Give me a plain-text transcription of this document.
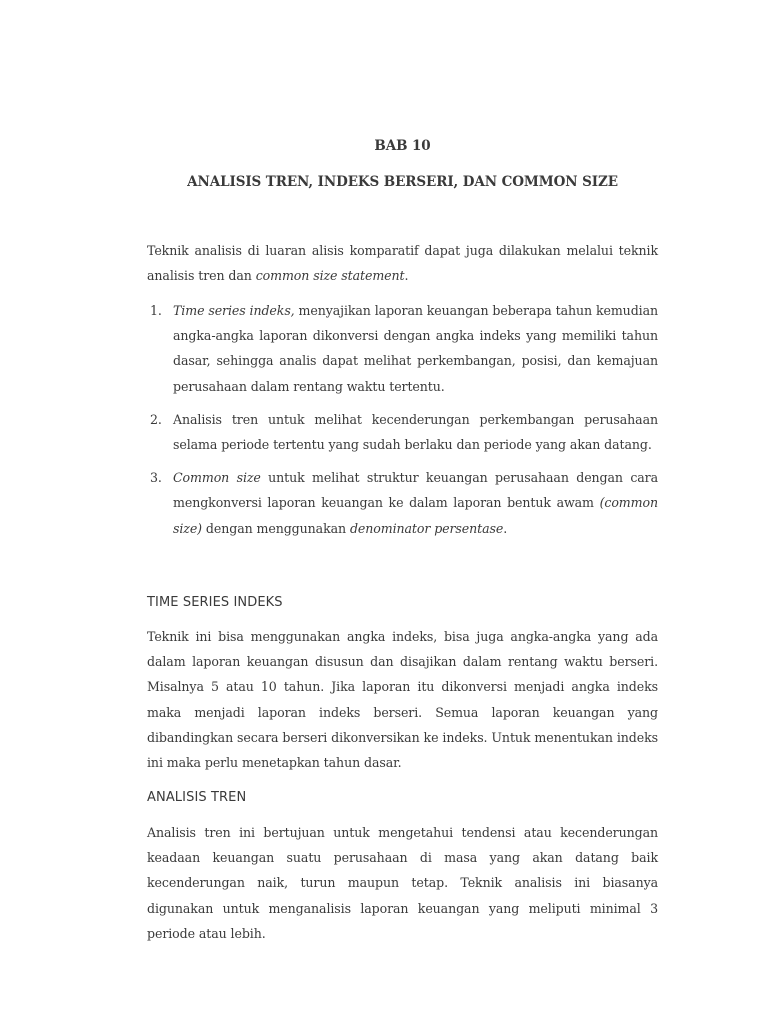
BAB 10
ANALISIS TREN, INDEKS BERSERI, DAN COMMON SIZE

Teknik analisis di luaran alisis komparatif dapat juga dilakukan melalui teknik analisis tren dan common size statement.

1. Time series indeks, menyajikan laporan keuangan beberapa tahun kemudian angka-angka laporan dikonversi dengan angka indeks yang memiliki tahun dasar, sehingga analis dapat melihat perkembangan, posisi, dan kemajuan perusahaan dalam rentang waktu tertentu.
2. Analisis tren untuk melihat kecenderungan perkembangan perusahaan selama periode tertentu yang sudah berlaku dan periode yang akan datang.
3. Common size untuk melihat struktur keuangan perusahaan dengan cara mengkonversi laporan keuangan ke dalam laporan bentuk awam (common size) dengan menggunakan denominator persentase.
TIME SERIES INDEKS

Teknik ini bisa menggunakan angka indeks, bisa juga angka-angka yang ada dalam laporan keuangan disusun dan disajikan dalam rentang waktu berseri. Misalnya 5 atau 10 tahun. Jika laporan itu dikonversi menjadi angka indeks maka menjadi laporan indeks berseri. Semua laporan keuangan yang dibandingkan secara berseri dikonversikan ke indeks. Untuk menentukan indeks ini maka perlu menetapkan tahun dasar.

ANALISIS TREN

Analisis tren ini bertujuan untuk mengetahui tendensi atau kecenderungan keadaan keuangan suatu perusahaan di masa yang akan datang baik kecenderungan naik, turun maupun tetap. Teknik analisis ini biasanya digunakan untuk menganalisis laporan keuangan yang meliputi minimal 3 periode atau lebih.
